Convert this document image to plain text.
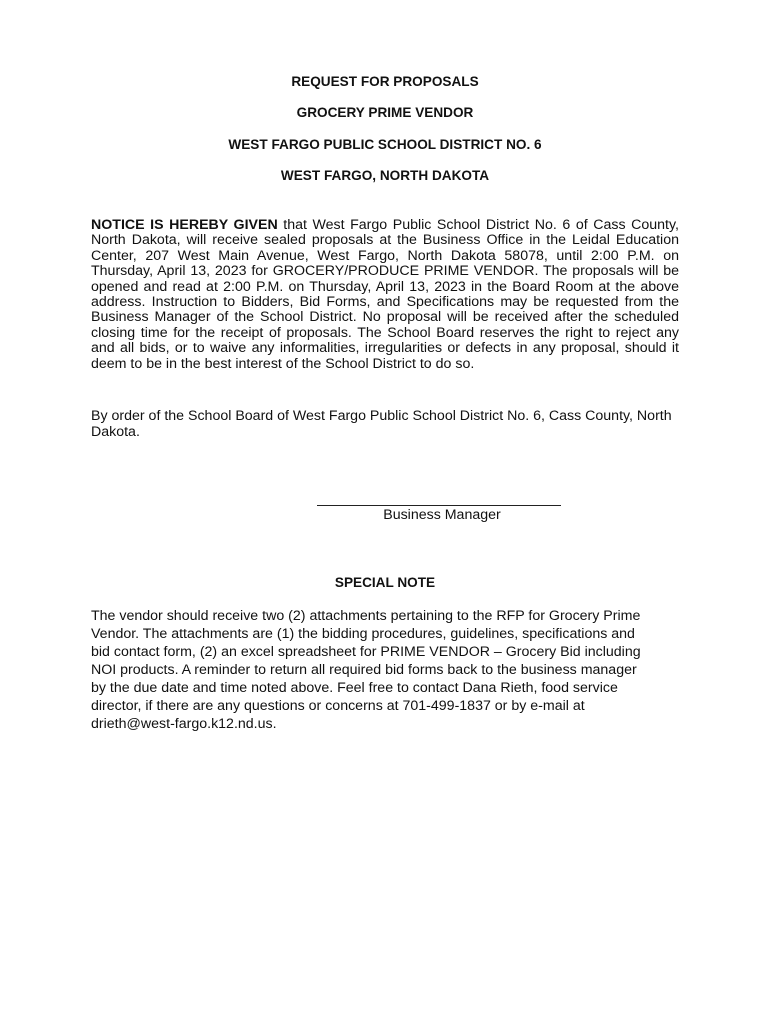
REQUEST FOR PROPOSALS

GROCERY PRIME VENDOR

WEST FARGO PUBLIC SCHOOL DISTRICT NO. 6

WEST FARGO, NORTH DAKOTA

NOTICE IS HEREBY GIVEN that West Fargo Public School District No. 6 of Cass County, North Dakota, will receive sealed proposals at the Business Office in the Leidal Education Center, 207 West Main Avenue, West Fargo, North Dakota 58078, until 2:00 P.M. on Thursday, April 13, 2023 for GROCERY/PRODUCE PRIME VENDOR. The proposals will be opened and read at 2:00 P.M. on Thursday, April 13, 2023 in the Board Room at the above address. Instruction to Bidders, Bid Forms, and Specifications may be requested from the Business Manager of the School District. No proposal will be received after the scheduled closing time for the receipt of proposals. The School Board reserves the right to reject any and all bids, or to waive any informalities, irregularities or defects in any proposal, should it deem to be in the best interest of the School District to do so.

By order of the School Board of West Fargo Public School District No. 6, Cass County, North Dakota.

Business Manager

SPECIAL NOTE

The vendor should receive two (2) attachments pertaining to the RFP for Grocery Prime
Vendor. The attachments are (1) the bidding procedures, guidelines, specifications and
bid contact form, (2) an excel spreadsheet for PRIME VENDOR – Grocery Bid including
NOI products. A reminder to return all required bid forms back to the business manager
by the due date and time noted above. Feel free to contact Dana Rieth, food service
director, if there are any questions or concerns at 701-499-1837 or by e-mail at
drieth@west-fargo.k12.nd.us.
